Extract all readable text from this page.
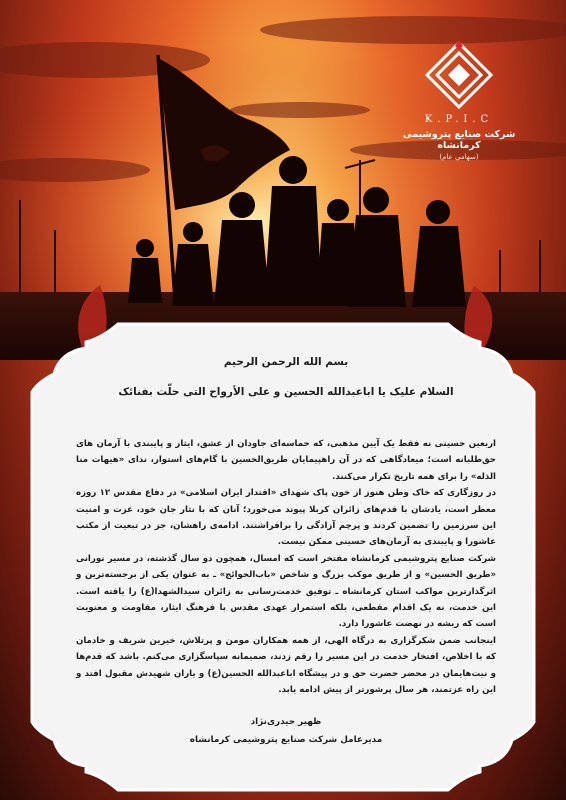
K.P.I.C
شرکت صنایع پتروشیمی کرمانشاه
(سهامی عام)

بسم الله الرحمن الرحیم

السلام علیک یا اباعبدالله الحسین و علی الأرواح التی حلّت بفنائک

اربعین حسینی نه فقط یک آیین مذهبی، که حماسه‌ای جاودان از عشق، ایثار و پایبندی با آرمان های حق‌طلبانه است؛ میعادگاهی که در آن راهپیمایان طریق‌الحسین با گام‌های استوار، ندای «هیهات منا الذله» را برای همه تاریخ تکرار می‌کنند.

در روزگاری که خاک وطن هنوز از خون پاک شهدای «اقتدار ایران اسلامی» در دفاع مقدس ۱۲ روزه معطر است، یادشان با قدم‌های زائران کربلا پیوند می‌خورد؛ آنان که با نثار جان خود، عزت و امنیت این سرزمین را تضمین کردند و پرچم آزادگی را برافراشتند. ادامه‌ی راهشان، جز در تبعیت از مکتب عاشورا و پایبندی به آرمان‌های حسینی ممکن نیست.

شرکت صنایع پتروشیمی کرمانشاه مفتخر است که امسال، همچون دو سال گذشته، در مسیر نورانی «طریق الحسین» و از طریق موکب بزرگ و شاخص «باب‌الحوائج» ـ به عنوان یکی از برجسته‌ترین و اثرگذارترین مواکب استان کرمانشاه ـ توفیق خدمت‌رسانی به زائران سیدالشهدا(ع) را یافته است. این خدمت، نه یک اقدام مقطعی، بلکه استمرار عهدی مقدس با فرهنگ ایثار، مقاومت و معنویت است که ریشه در نهضت عاشورا دارد.

اینجانب ضمن شکرگزاری به درگاه الهی، از همه همکاران مومن و پرتلاش، خیرین شریف و خادمان که با اخلاص، افتخار خدمت در این مسیر را رقم زدند، صمیمانه سپاسگزاری می‌کنم. باشد که قدم‌ها و نیت‌هایمان در محضر حضرت حق و در پیشگاه اباعبدالله الحسین(ع) و یاران شهیدش مقبول افتد و این راه عزتمند، هر سال پرشورتر از پیش ادامه یابد.

ظهیر حیدری‌نژاد
مدیرعامل شرکت صنایع پتروشیمی کرمانشاه
